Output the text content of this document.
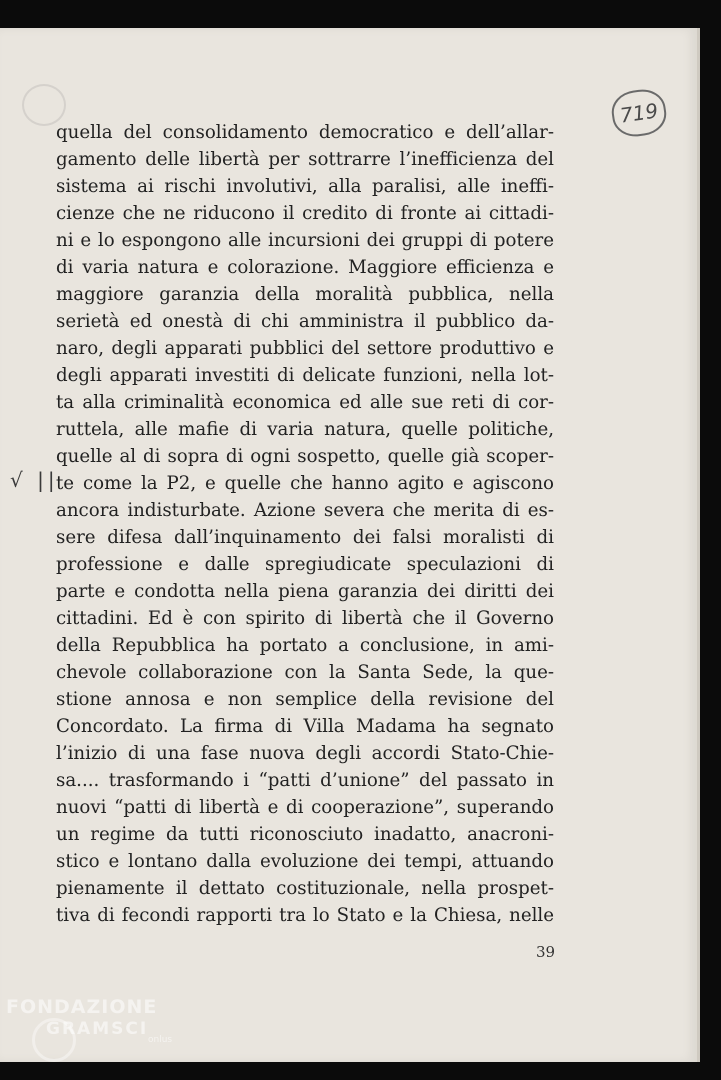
719
√ ||
quella del consolidamento democratico e dell’allar-
gamento delle libertà per sottrarre l’inefficienza del
sistema ai rischi involutivi, alla paralisi, alle ineffi-
cienze che ne riducono il credito di fronte ai cittadi-
ni e lo espongono alle incursioni dei gruppi di potere
di varia natura e colorazione. Maggiore efficienza e
maggiore garanzia della moralità pubblica, nella
serietà ed onestà di chi amministra il pubblico da-
naro, degli apparati pubblici del settore produttivo e
degli apparati investiti di delicate funzioni, nella lot-
ta alla criminalità economica ed alle sue reti di cor-
ruttela, alle mafie di varia natura, quelle politiche,
quelle al di sopra di ogni sospetto, quelle già scoper-
te come la P2, e quelle che hanno agito e agiscono
ancora indisturbate. Azione severa che merita di es-
sere difesa dall’inquinamento dei falsi moralisti di
professione e dalle spregiudicate speculazioni di
parte e condotta nella piena garanzia dei diritti dei
cittadini. Ed è con spirito di libertà che il Governo
della Repubblica ha portato a conclusione, in ami-
chevole collaborazione con la Santa Sede, la que-
stione annosa e non semplice della revisione del
Concordato. La firma di Villa Madama ha segnato
l’inizio di una fase nuova degli accordi Stato-Chie-
sa.... trasformando i “patti d’unione” del passato in
nuovi “patti di libertà e di cooperazione”, superando
un regime da tutti riconosciuto inadatto, anacroni-
stico e lontano dalla evoluzione dei tempi, attuando
pienamente il dettato costituzionale, nella prospet-
tiva di fecondi rapporti tra lo Stato e la Chiesa, nelle
39
FONDAZIONE
GRAMSCI
onlus
